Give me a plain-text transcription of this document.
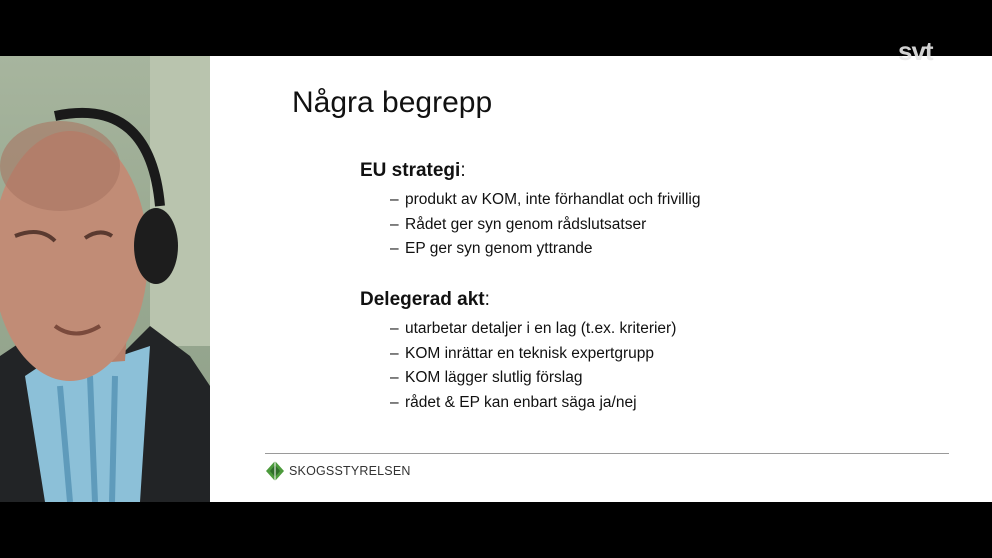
Några begrepp
EU strategi:
– produkt av KOM, inte förhandlat och frivillig
– Rådet ger syn genom rådslutsatser
– EP ger syn genom yttrande
Delegerad akt:
– utarbetar detaljer i en lag (t.ex. kriterier)
– KOM inrättar en teknisk expertgrupp
– KOM lägger slutlig förslag
– rådet & EP kan enbart säga ja/nej
SKOGSSTYRELSEN
svt
